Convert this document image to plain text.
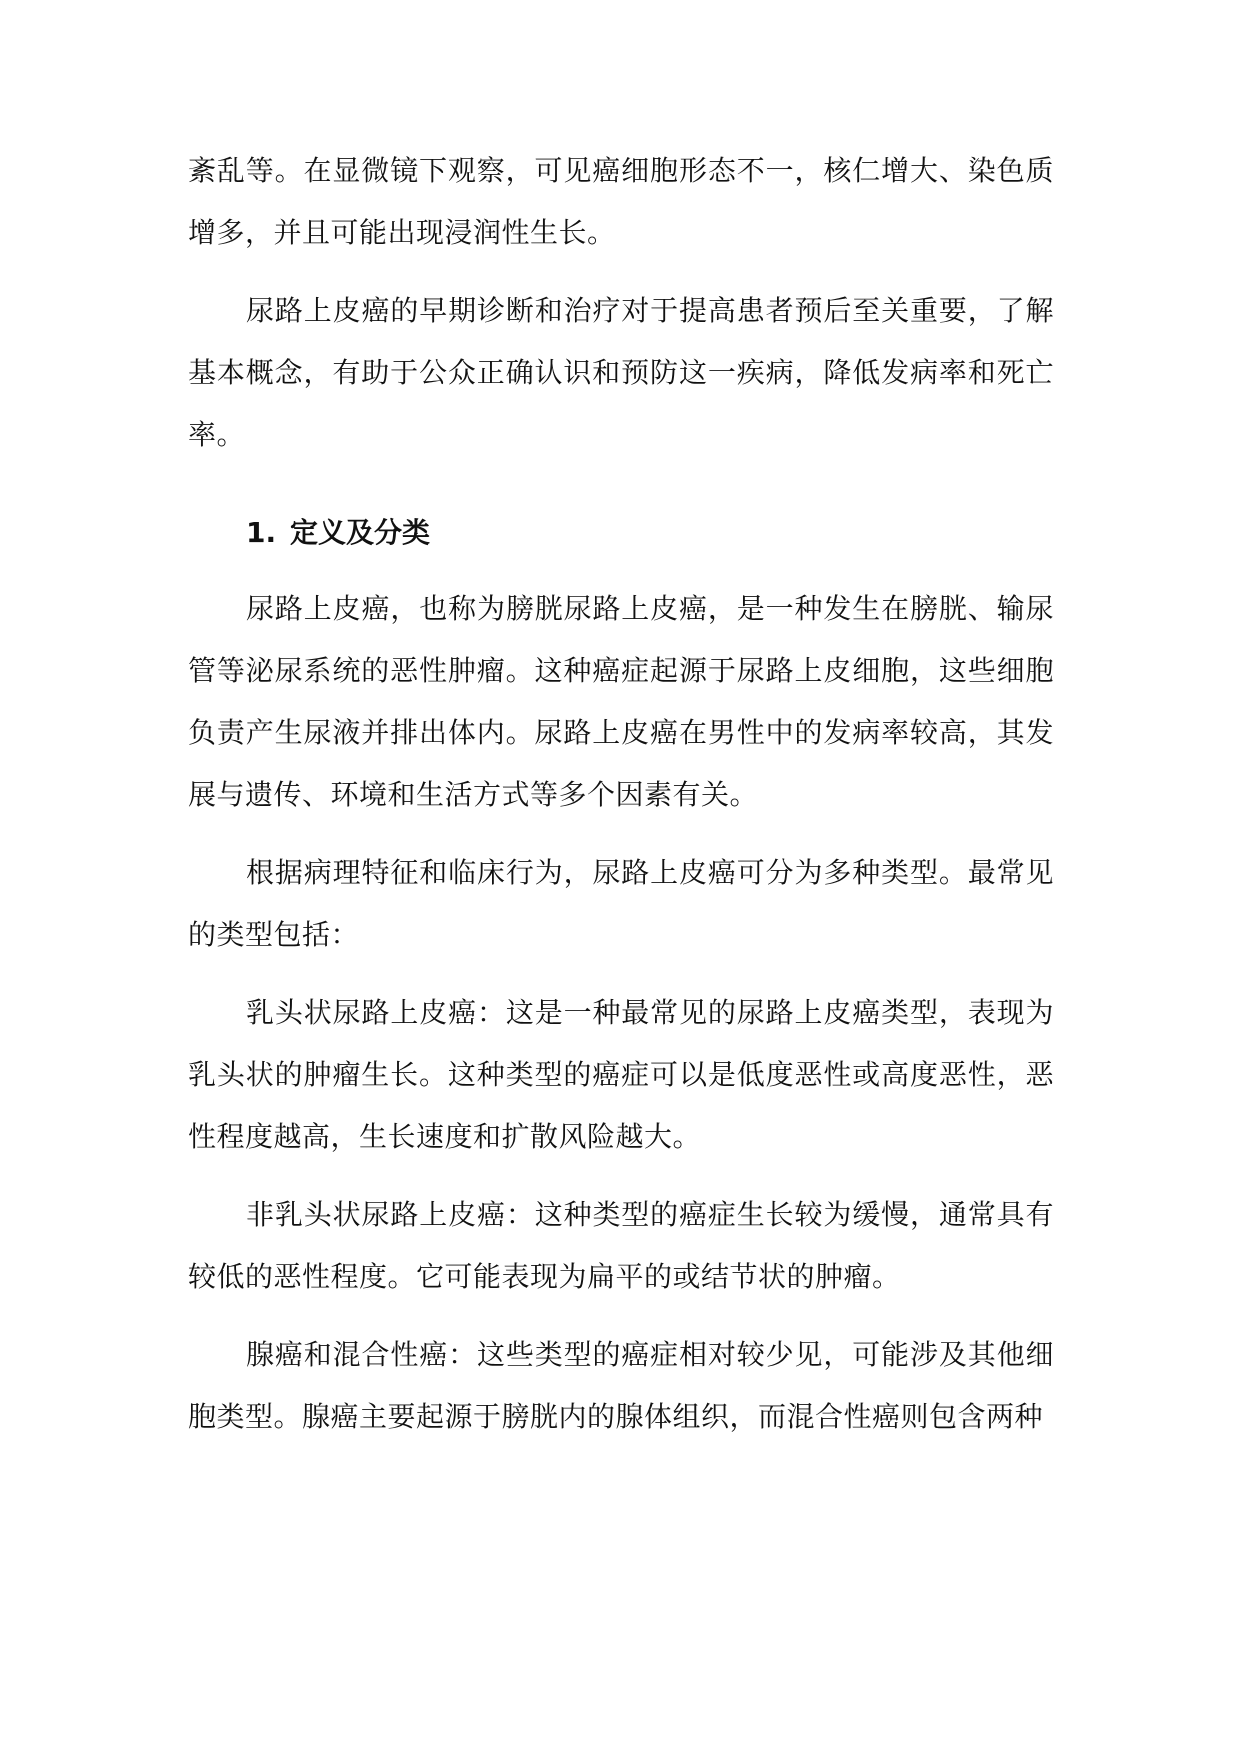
紊乱等。在显微镜下观察，可见癌细胞形态不一，核仁增大、染色质增多，并且可能出现浸润性生长。

尿路上皮癌的早期诊断和治疗对于提高患者预后至关重要，了解基本概念，有助于公众正确认识和预防这一疾病，降低发病率和死亡率。

1. 定义及分类

尿路上皮癌，也称为膀胱尿路上皮癌，是一种发生在膀胱、输尿管等泌尿系统的恶性肿瘤。这种癌症起源于尿路上皮细胞，这些细胞负责产生尿液并排出体内。尿路上皮癌在男性中的发病率较高，其发展与遗传、环境和生活方式等多个因素有关。

根据病理特征和临床行为，尿路上皮癌可分为多种类型。最常见的类型包括：

乳头状尿路上皮癌：这是一种最常见的尿路上皮癌类型，表现为乳头状的肿瘤生长。这种类型的癌症可以是低度恶性或高度恶性，恶性程度越高，生长速度和扩散风险越大。

非乳头状尿路上皮癌：这种类型的癌症生长较为缓慢，通常具有较低的恶性程度。它可能表现为扁平的或结节状的肿瘤。

腺癌和混合性癌：这些类型的癌症相对较少见，可能涉及其他细胞类型。腺癌主要起源于膀胱内的腺体组织，而混合性癌则包含两种
